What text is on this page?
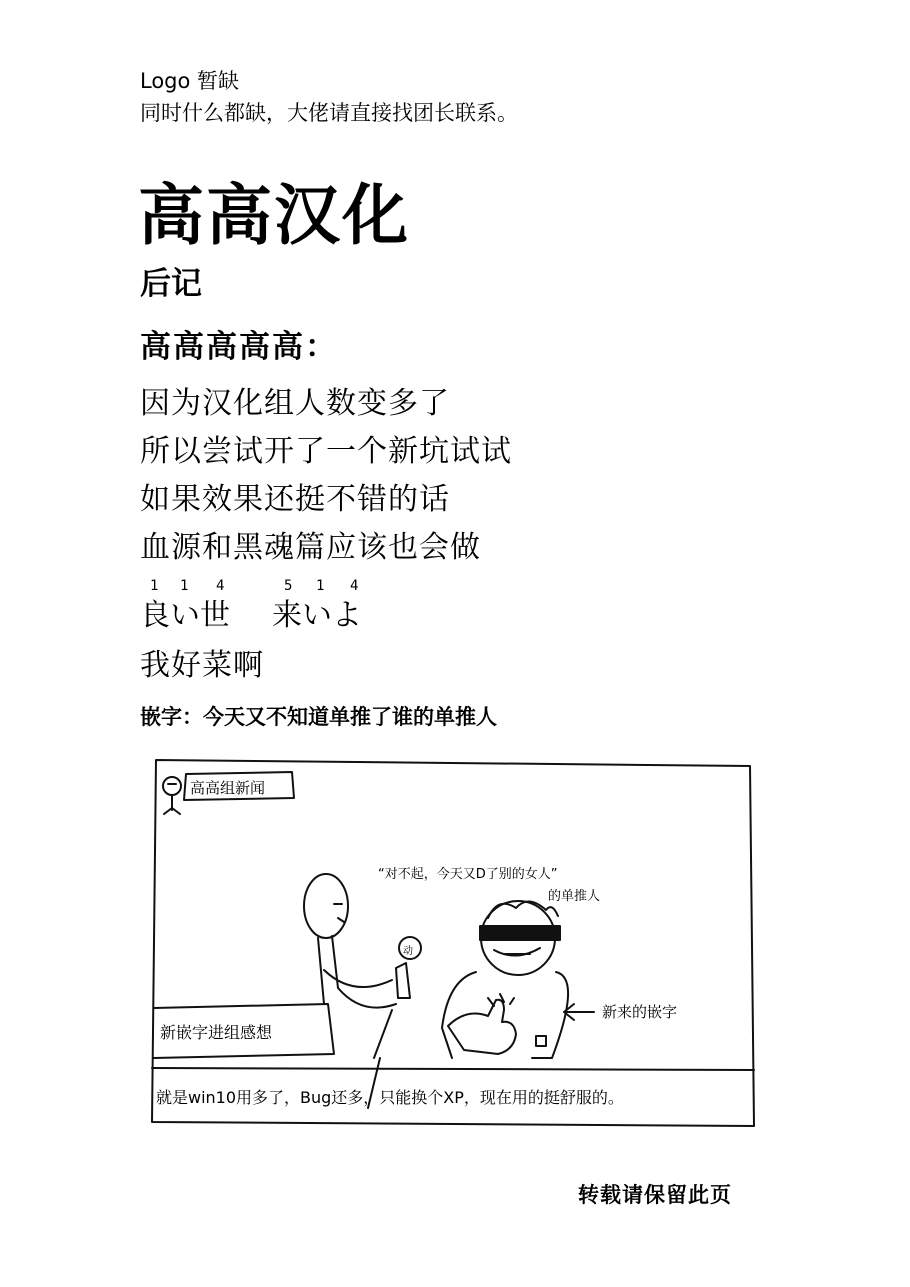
Logo 暂缺
同时什么都缺，大佬请直接找团长联系。
高高汉化
后记
高高高高高：
因为汉化组人数变多了
所以尝试开了一个新坑试试
如果效果还挺不错的话
血源和黑魂篇应该也会做
1 1 4
良い世
5 1 4
来いよ
我好菜啊
嵌字：今天又不知道单推了谁的单推人
高高组新闻
“对不起，今天又D了别的女人”
的单推人
新来的嵌字
动
新嵌字进组感想
就是win10用多了，Bug还多，只能换个XP，现在用的挺舒服的。
转载请保留此页
